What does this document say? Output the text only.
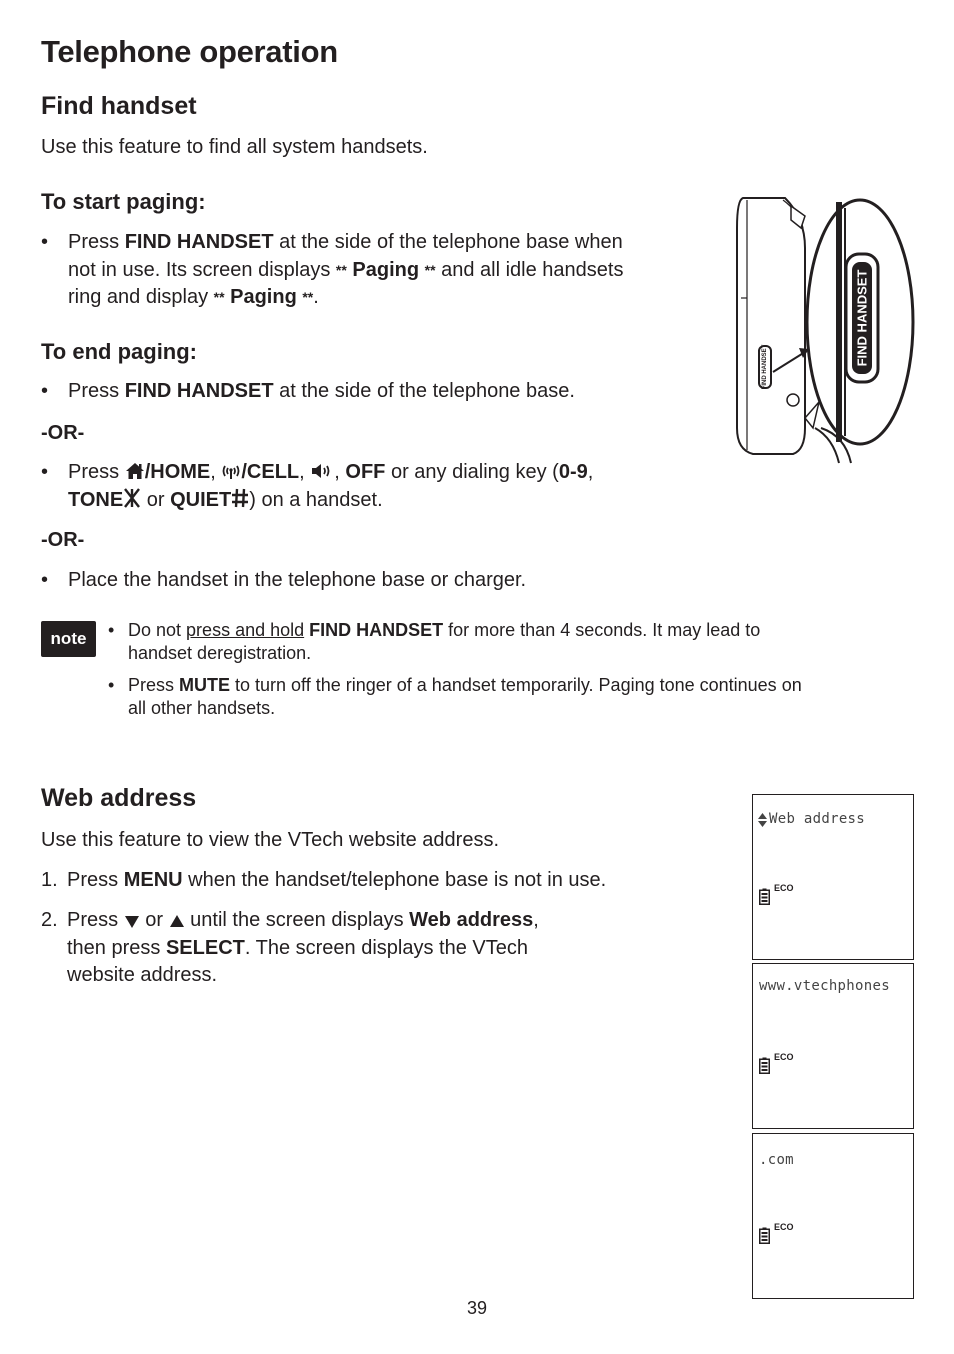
Telephone operation
Find handset

Use this feature to find all system handsets.

To start paging:
• Press FIND HANDSET at the side of the telephone base when
not in use. Its screen displays ** Paging ** and all idle handsets
ring and display ** Paging **.
To end paging:
• Press FIND HANDSET at the side of the telephone base.
-OR-
• Press /HOME, /CELL, , OFF or any dialing key (0-9,
TONE or QUIET ) on a handset.
-OR-
• Place the handset in the telephone base or charger.
FIND HANDSET
FIND HANDSET
note	• Do not press and hold FIND HANDSET for more than 4 seconds. It may lead to
handset deregistration.
• Press MUTE to turn off the ringer of a handset temporarily. Paging tone continues on
all other handsets.
Web address

Use this feature to view the VTech website address.

1. Press MENU when the handset/telephone base is not in use.
2. Press  or  until the screen displays Web address,
then press SELECT. The screen displays the VTech
website address.
Web address
ECO
www.vtechphones
ECO
.com
ECO
39
